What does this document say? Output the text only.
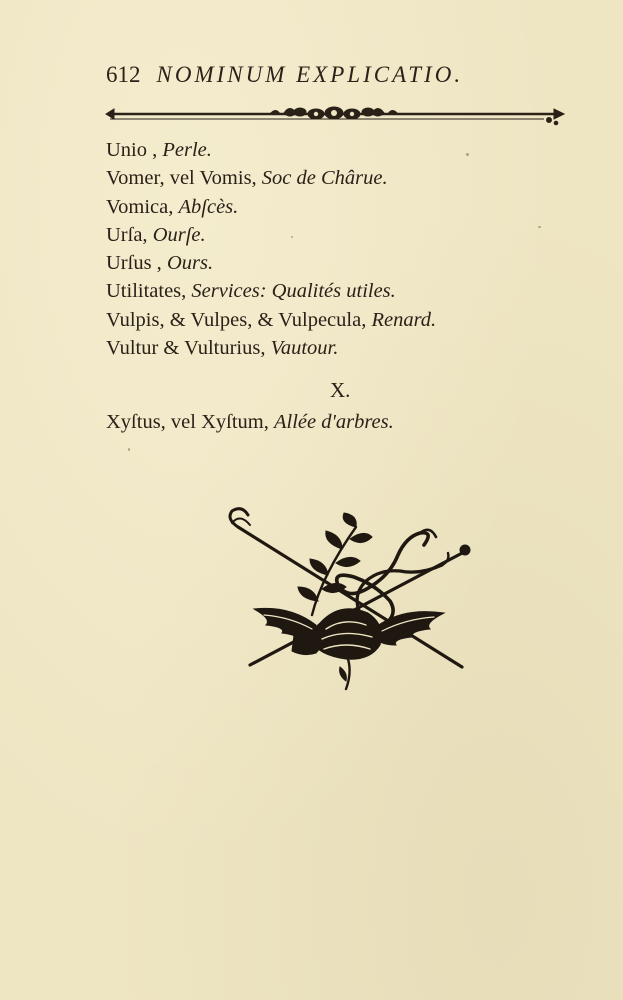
612 NOMINUM EXPLICATIO.
Unio , Perle.
Vomer, vel Vomis, Soc de Chârue.
Vomica, Abſcès.
Urſa, Ourſe.
Urſus , Ours.
Utilitates, Services: Qualités utiles.
Vulpis, & Vulpes, & Vulpecula, Renard.
Vultur & Vulturius, Vautour.
X.
Xyſtus, vel Xyſtum, Allée d'arbres.
